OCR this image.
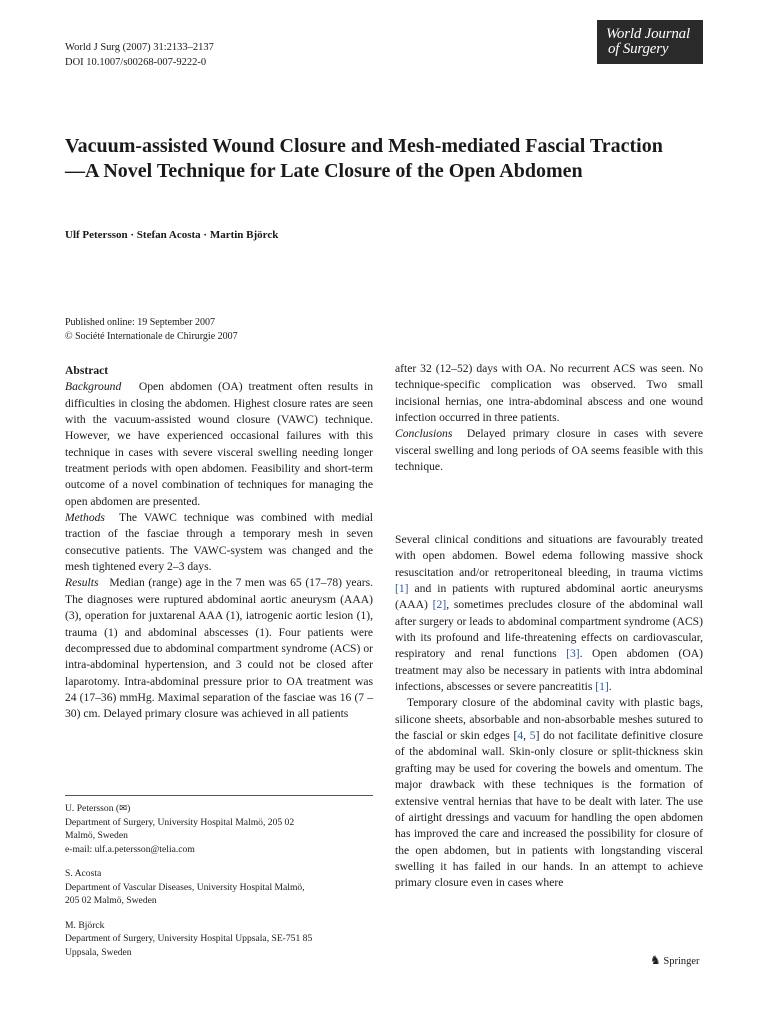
World J Surg (2007) 31:2133–2137
DOI 10.1007/s00268-007-9222-0
World Journal
of Surgery
Vacuum-assisted Wound Closure and Mesh-mediated Fascial Traction—A Novel Technique for Late Closure of the Open Abdomen
Ulf Petersson · Stefan Acosta · Martin Björck
Published online: 19 September 2007
© Société Internationale de Chirurgie 2007

Abstract

Background Open abdomen (OA) treatment often results in difficulties in closing the abdomen. Highest closure rates are seen with the vacuum-assisted wound closure (VAWC) technique. However, we have experienced occasional failures with this technique in cases with severe visceral swelling needing longer treatment periods with open abdomen. Feasibility and short-term outcome of a novel combination of techniques for managing the open abdomen are presented.

Methods The VAWC technique was combined with medial traction of the fasciae through a temporary mesh in seven consecutive patients. The VAWC-system was changed and the mesh tightened every 2–3 days.

Results Median (range) age in the 7 men was 65 (17–78) years. The diagnoses were ruptured abdominal aortic aneurysm (AAA) (3), operation for juxtarenal AAA (1), iatrogenic aortic lesion (1), trauma (1) and abdominal abscesses (1). Four patients were decompressed due to abdominal compartment syndrome (ACS) or intra-abdominal hypertension, and 3 could not be closed after laparotomy. Intra-abdominal pressure prior to OA treatment was 24 (17–36) mmHg. Maximal separation of the fasciae was 16 (7 –30) cm. Delayed primary closure was achieved in all patients

after 32 (12–52) days with OA. No recurrent ACS was seen. No technique-specific complication was observed. Two small incisional hernias, one intra-abdominal abscess and one wound infection occurred in three patients.

Conclusions Delayed primary closure in cases with severe visceral swelling and long periods of OA seems feasible with this technique.

Several clinical conditions and situations are favourably treated with open abdomen. Bowel edema following massive shock resuscitation and/or retroperitoneal bleeding, in trauma victims [1] and in patients with ruptured abdominal aortic aneurysms (AAA) [2], sometimes precludes closure of the abdominal wall after surgery or leads to abdominal compartment syndrome (ACS) with its profound and life-threatening effects on cardiovascular, respiratory and renal functions [3]. Open abdomen (OA) treatment may also be necessary in patients with intra abdominal infections, abscesses or severe pancreatitis [1].

Temporary closure of the abdominal cavity with plastic bags, silicone sheets, absorbable and non-absorbable meshes sutured to the fascial or skin edges [4, 5] do not facilitate definitive closure of the abdominal wall. Skin-only closure or split-thickness skin grafting may be used for covering the bowels and omentum. The major drawback with these techniques is the formation of extensive ventral hernias that have to be dealt with later. The use of airtight dressings and vacuum for handling the open abdomen has improved the care and increased the possibility for closure of the open abdomen, but in patients with longstanding visceral swelling it has failed in our hands. In an attempt to achieve primary closure even in cases where

U. Petersson (✉)
Department of Surgery, University Hospital Malmö, 205 02
Malmö, Sweden
e-mail: ulf.a.petersson@telia.com
S. Acosta
Department of Vascular Diseases, University Hospital Malmö,
205 02 Malmö, Sweden
M. Björck
Department of Surgery, University Hospital Uppsala, SE-751 85
Uppsala, Sweden
♞ Springer
